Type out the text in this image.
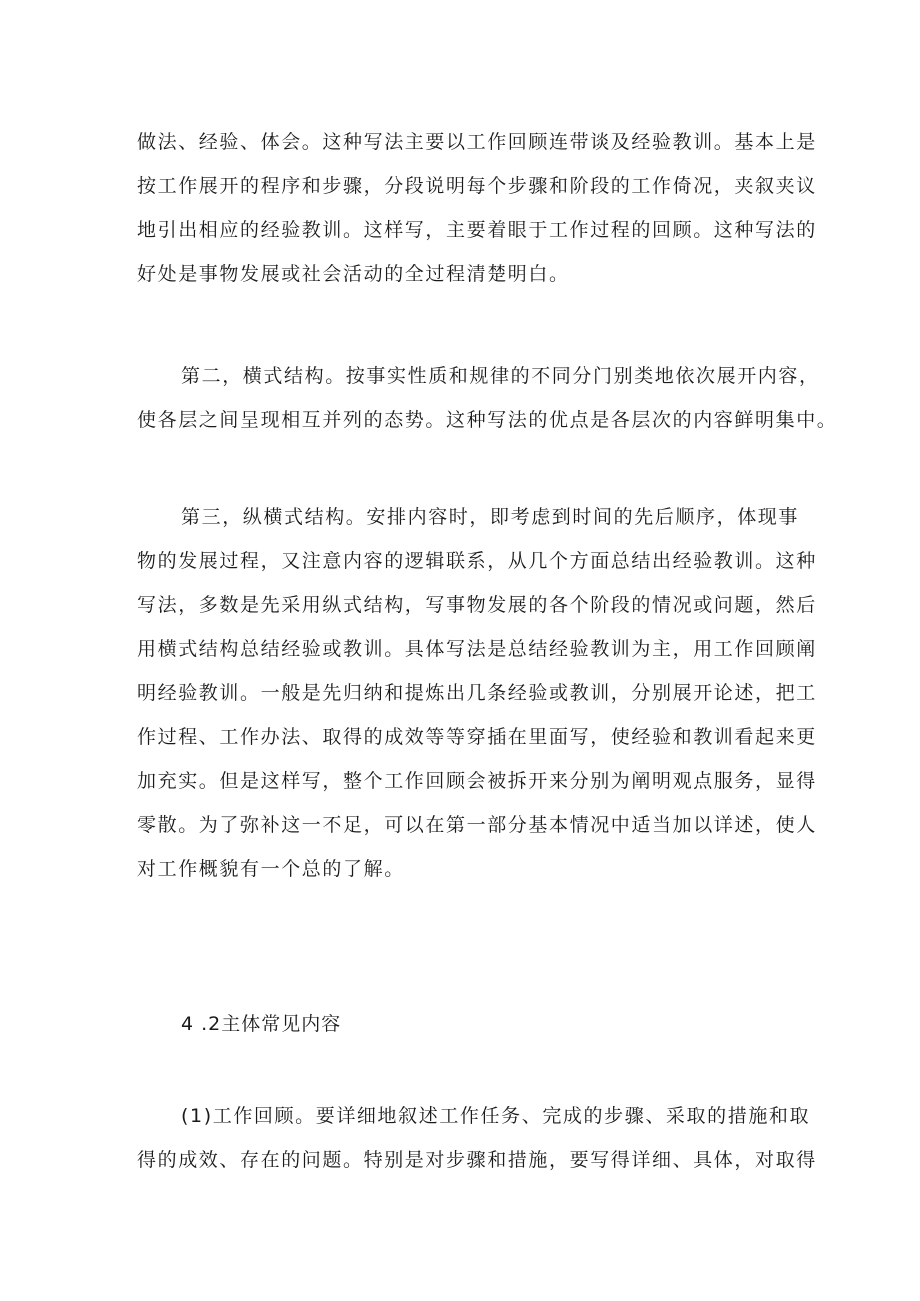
做法、经验、体会。这种写法主要以工作回顾连带谈及经验教训。基本上是
按工作展开的程序和步骤，分段说明每个步骤和阶段的工作倚况，夹叙夹议
地引出相应的经验教训。这样写，主要着眼于工作过程的回顾。这种写法的
好处是事物发展或社会活动的全过程清楚明白。
第二，横式结构。按事实性质和规律的不同分门别类地依次展开内容，
使各层之间呈现相互并列的态势。这种写法的优点是各层次的内容鲜明集中。
第三，纵横式结构。安排内容时，即考虑到时间的先后顺序，体现事
物的发展过程，又注意内容的逻辑联系，从几个方面总结出经验教训。这种
写法，多数是先采用纵式结构，写事物发展的各个阶段的情况或问题，然后
用横式结构总结经验或教训。具体写法是总结经验教训为主，用工作回顾阐
明经验教训。一般是先归纳和提炼出几条经验或教训，分别展开论述，把工
作过程、工作办法、取得的成效等等穿插在里面写，使经验和教训看起来更
加充实。但是这样写，整个工作回顾会被拆开来分别为阐明观点服务，显得
零散。为了弥补这一不足，可以在第一部分基本情况中适当加以详述，使人
对工作概貌有一个总的了解。
4 .2主体常见内容
(1)工作回顾。要详细地叙述工作任务、完成的步骤、采取的措施和取
得的成效、存在的问题。特别是对步骤和措施，要写得详细、具体，对取得
